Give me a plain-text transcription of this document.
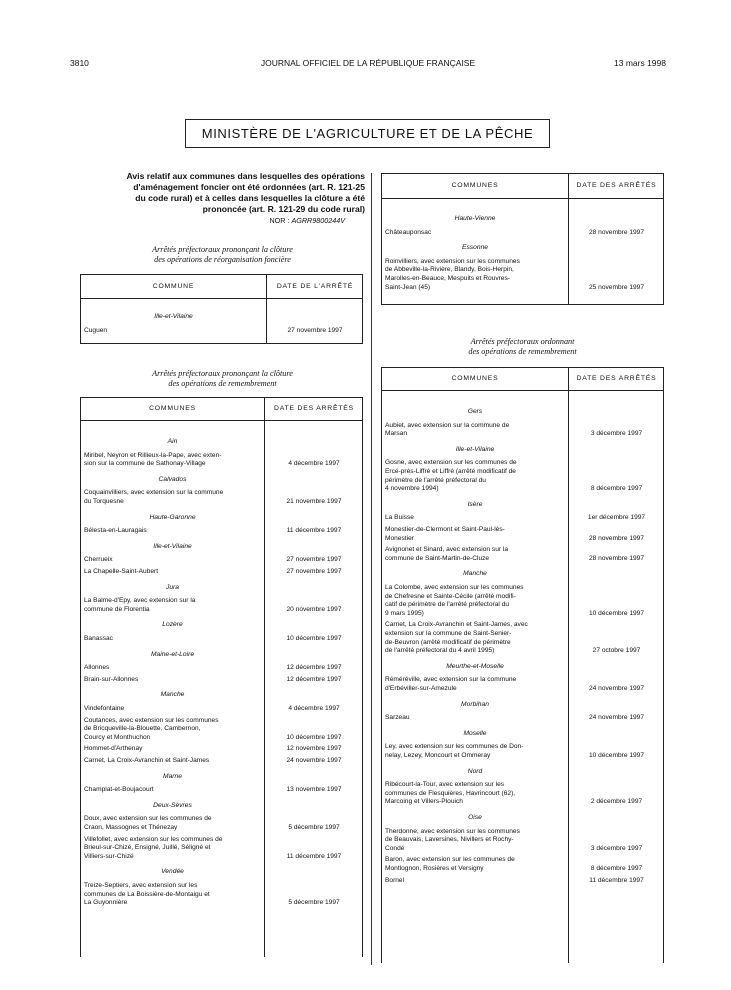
3810	JOURNAL OFFICIEL DE LA RÉPUBLIQUE FRANÇAISE	13 mars 1998
MINISTÈRE DE L'AGRICULTURE ET DE LA PÊCHE
Avis relatif aux communes dans lesquelles des opérations
d'aménagement foncier ont été ordonnées (art. R. 121-25
du code rural) et à celles dans lesquelles la clôture a été
prononcée (art. R. 121-29 du code rural)
NOR : AGRR9800244V
Arrêtés préfectoraux prononçant la clôture
des opérations de réorganisation foncière
COMMUNE	DATE DE L'ARRÊTÉ
Ille-et-Vilaine
Cuguen	27 novembre 1997
Arrêtés préfectoraux prononçant la clôture
des opérations de remembrement
COMMUNES	DATE DES ARRÊTÉS
Ain
Miribel, Neyron et Rillieux-la-Pape, avec exten-
sion sur la commune de Sathonay-Village	4 décembre 1997
Calvados
Coquainvilliers, avec extension sur la commune
du Torquesne	21 novembre 1997
Haute-Garonne
Bélesta-en-Lauragais	11 décembre 1997
Ille-et-Vilaine
Cherrueix	27 novembre 1997
La Chapelle-Saint-Aubert	27 novembre 1997
Jura
La Balme-d'Epy, avec extension sur la
commune de Florentia	20 novembre 1997
Lozère
Banassac	10 décembre 1997
Maine-et-Loire
Allonnes	12 décembre 1997
Brain-sur-Allonnes	12 décembre 1997
Manche
Vindefontaine	4 décembre 1997
Coutances, avec extension sur les communes
de Bricqueville-la-Blouette, Cambernon,
Courcy et Monthuchon	10 décembre 1997
Hommet-d'Arthenay	12 novembre 1997
Carnet, La Croix-Avranchin et Saint-James	24 novembre 1997
Marne
Champlat-et-Boujacourt	13 novembre 1997
Deux-Sèvres
Doux, avec extension sur les communes de
Craon, Massognes et Thénezay	5 décembre 1997
Villefollet, avec extension sur les communes de
Brieul-sur-Chizé, Ensigné, Juillé, Séligné et
Villiers-sur-Chizé	11 décembre 1997
Vendée
Treize-Septiers, avec extension sur les
communes de La Boissière-de-Montaigu et
La Guyonnière	5 décembre 1997
COMMUNES	DATE DES ARRÊTÉS
Haute-Vienne
Châteauponsac	28 novembre 1997
Essonne
Roinvilliers, avec extension sur les communes
de Abbeville-la-Rivière, Blandy, Bois-Herpin,
Marolles-en-Beauce, Mespuits et Rouvres-
Saint-Jean (45)	25 novembre 1997
Arrêtés préfectoraux ordonnant
des opérations de remembrement
COMMUNES	DATE DES ARRÊTÉS
Gers
Aubiet, avec extension sur la commune de
Marsan	3 décembre 1997
Ille-et-Vilaine
Gosne, avec extension sur les communes de
Ercé-près-Liffré et Liffré (arrêté modificatif de
périmètre de l'arrêté préfectoral du
4 novembre 1994)	8 décembre 1997
Isère
La Buisse	1er décembre 1997
Monestier-de-Clermont et Saint-Paul-lès-
Monestier	28 novembre 1997
Avignonet et Sinard, avec extension sur la
commune de Saint-Martin-de-Cluze	28 novembre 1997
Manche
La Colombe, avec extension sur les communes
de Chefresne et Sainte-Cécile (arrêté modifi-
catif de périmètre de l'arrêté préfectoral du
9 mars 1995)	10 décembre 1997
Carnet, La Croix-Avranchin et Saint-James, avec
extension sur la commune de Saint-Senier-
de-Beuvron (arrêté modificatif de périmètre
de l'arrêté préfectoral du 4 avril 1995)	27 octobre 1997
Meurthe-et-Moselle
Réméréville, avec extension sur la commune
d'Erbéviller-sur-Amezule	24 novembre 1997
Morbihan
Sarzeau	24 novembre 1997
Moselle
Ley, avec extension sur les communes de Don-
nelay, Lezey, Moncourt et Ommeray	10 décembre 1997
Nord
Ribécourt-la-Tour, avec extension sur les
communes de Flesquières, Havrincourt (62),
Marcoing et Villers-Plouich	2 décembre 1997
Oise
Therdonne, avec extension sur les communes
de Beauvais, Laversines, Nivillers et Rochy-
Condé	3 décembre 1997
Baron, avec extension sur les communes de
Montlognon, Rosières et Versigny	8 décembre 1997
Bornel	11 décembre 1997
